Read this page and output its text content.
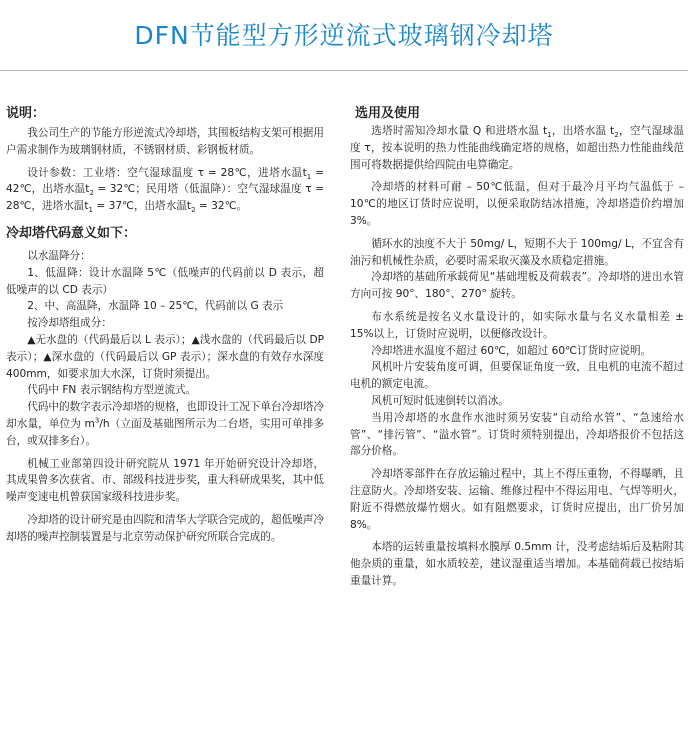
DFN节能型方形逆流式玻璃钢冷却塔
说明：

我公司生产的节能方形逆流式冷却塔，其围板结构支架可根据用户需求制作为玻璃钢材质，不锈钢材质、彩钢板材质。

设计参数：工业塔：空气湿球温度 τ = 28℃，进塔水温$t_1$ = 42℃，出塔水温$t_2$ = 32℃；民用塔（低温降）：空气湿球温度 τ = 28℃，进塔水温$t_1$ = 37℃，出塔水温$t_2$ = 32℃。

冷却塔代码意义如下：

以水温降分：

1、低温降：设计水温降 5℃（低噪声的代码前以 D 表示，超低噪声的以 CD 表示）

2、中、高温降，水温降 10 – 25℃，代码前以 G 表示

按冷却塔组成分：

▲无水盘的（代码最后以 L 表示）；▲浅水盘的（代码最后以 DP 表示）；▲深水盘的（代码最后以 GP 表示）；深水盘的有效存水深度 400mm，如要求加大水深，订货时须提出。

代码中 FN 表示钢结构方型逆流式。

代码中的数字表示冷却塔的规格，也即设计工况下单台冷却塔冷却水量，单位为 $m^3/h$（立面及基础图所示为二台塔，实用可单排多台，或双排多台）。

机械工业部第四设计研究院从 1971 年开始研究设计冷却塔，其成果曾多次获省、市、部级科技进步奖，重大科研成果奖，其中低噪声变速电机曾获国家级科技进步奖。

冷却塔的设计研究是由四院和清华大学联合完成的，超低噪声冷却塔的噪声控制装置是与北京劳动保护研究所联合完成的。

选用及使用

选塔时需知冷却水量 Q 和进塔水温 $t_1$，出塔水温 $t_2$，空气湿球温度 τ，按本说明的热力性能曲线确定塔的规格，如超出热力性能曲线范围可将数据提供给四院由电算确定。

冷却塔的材料可耐 – 50℃低温，但对于最冷月平均气温低于 – 10℃的地区订货时应说明，以便采取防结冰措施，冷却塔造价约增加 3%。

循环水的浊度不大于 50mg/ L，短期不大于 100mg/ L，不宜含有油污和机械性杂质，必要时需采取灭藻及水质稳定措施。

冷却塔的基础所承载荷见“基础埋板及荷载表”。冷却塔的进出水管方向可按 90°、180°、270° 旋转。

布水系统是按名义水量设计的，如实际水量与名义水量相差 ± 15%以上，订货时应说明，以便修改设计。

冷却塔进水温度不超过 60℃，如超过 60℃订货时应说明。

风机叶片安装角度可调，但要保证角度一致，且电机的电流不超过电机的额定电流。

风机可短时低速倒转以消冰。

当用冷却塔的水盘作水池时须另安装“自动给水管”、“急速给水管”、“排污管”、“溢水管”。订货时须特别提出，冷却塔报价不包括这部分价格。

冷却塔零部件在存放运输过程中，其上不得压重物，不得曝晒，且注意防火。冷却塔安装、运输、维修过程中不得运用电、气焊等明火，附近不得燃放爆竹烟火。如有阻燃要求，订货时应提出，出厂价另加 8%。

本塔的运转重量按填料水膜厚 0.5mm 计，没考虑结垢后及粘附其他杂质的重量，如水质较差，建议湿重适当增加。本基础荷载已按结垢重量计算。
